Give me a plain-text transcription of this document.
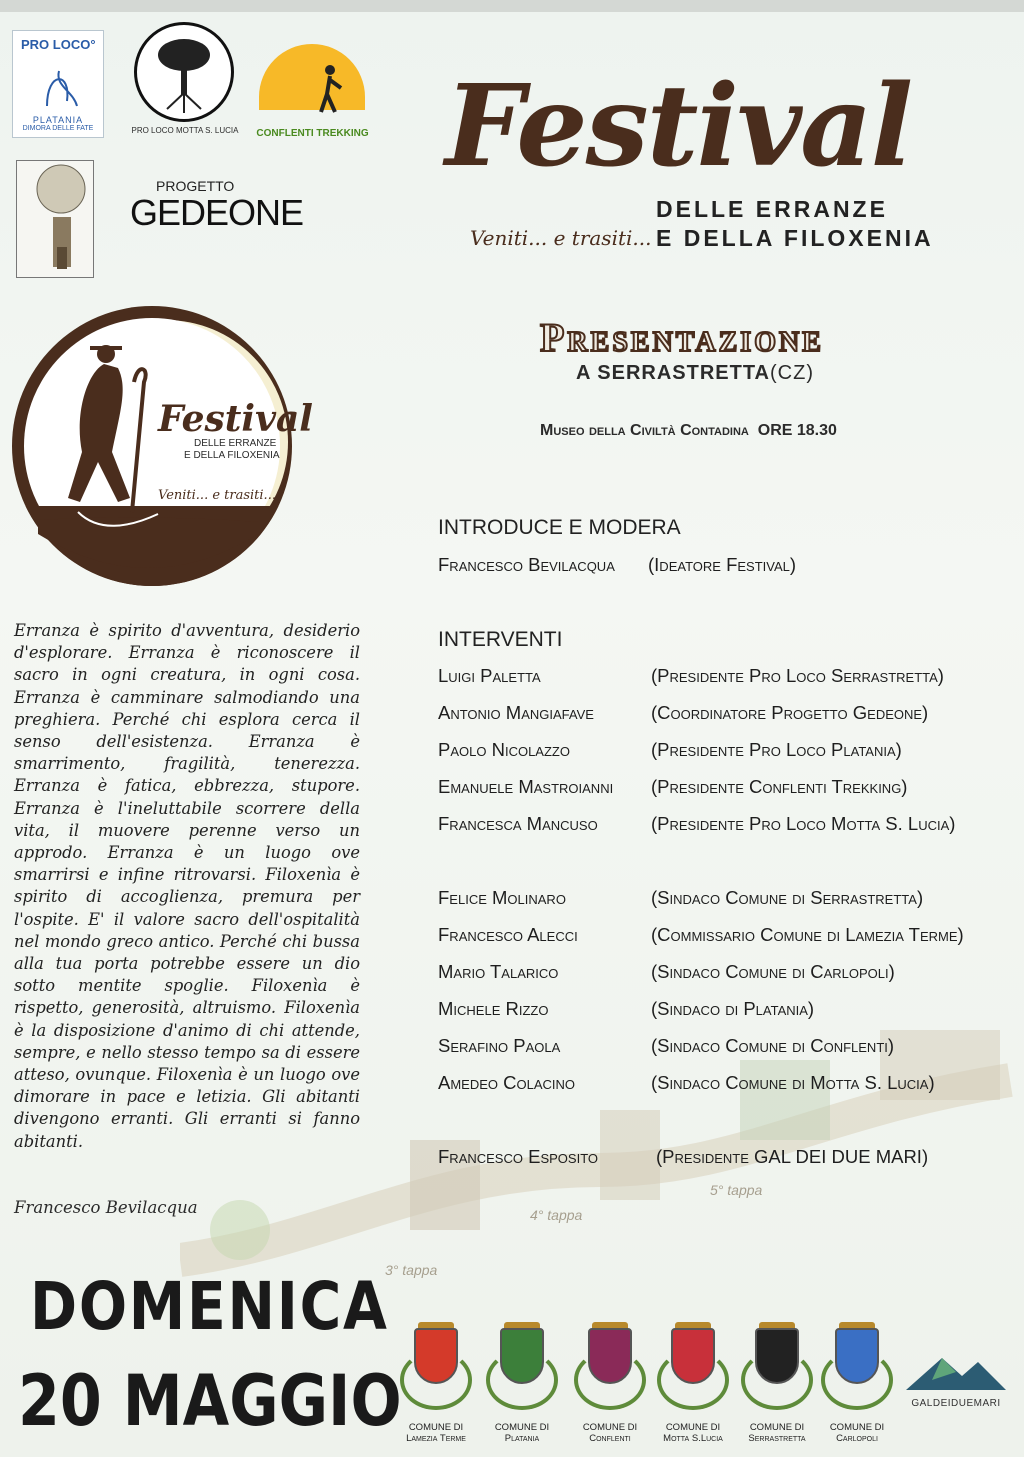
PRO LOCO°
PLATANIA
DIMORA DELLE FATE	PRO LOCO MOTTA S. LUCIA CONFLENTI TREKKING
PROGETTO
GEDEONE
Festival
Veniti... e trasiti...
DELLE ERRANZE
E DELLA FILOXENIA
Presentazione
A SERRASTRETTA(CZ)
Museo della Civiltà Contadina ORE 18.30
Festival
DELLE ERRANZE
E DELLA FILOXENIA
Veniti... e trasiti...
Erranza è spirito d'avventura, desiderio d'esplorare. Erranza è riconoscere il sacro in ogni creatura, in ogni cosa. Erranza è camminare salmodiando una preghiera. Perché chi esplora cerca il senso dell'esistenza. Erranza è smarrimento, fragilità, tenerezza. Erranza è fatica, ebbrezza, stupore. Erranza è l'ineluttabile scorrere della vita, il muovere perenne verso un approdo. Erranza è un luogo ove smarrirsi e infine ritrovarsi. Filoxenìa è spirito di accoglienza, premura per l'ospite. E' il valore sacro dell'ospitalità nel mondo greco antico. Perché chi bussa alla tua porta potrebbe essere un dio sotto mentite spoglie. Filoxenìa è rispetto, generosità, altruismo. Filoxenìa è la disposizione d'animo di chi attende, sempre, e nello stesso tempo sa di essere atteso, ovunque. Filoxenìa è un luogo ove dimorare in pace e letizia. Gli abitanti divengono erranti. Gli erranti si fanno abitanti.
Francesco Bevilacqua
3° tappa
4° tappa
5° tappa
INTRODUCE E MODERA
Francesco Bevilacqua (Ideatore Festival)
INTERVENTI
Luigi Paletta	(Presidente Pro Loco Serrastretta)
Antonio Mangiafave	(Coordinatore Progetto Gedeone)
Paolo Nicolazzo	(Presidente Pro Loco Platania)
Emanuele Mastroianni (Presidente Conflenti Trekking)
Francesca Mancuso	(Presidente Pro Loco Motta S. Lucia)
Felice Molinaro	(Sindaco Comune di Serrastretta)
Francesco Alecci	(Commissario Comune di Lamezia Terme)
Mario Talarico	(Sindaco Comune di Carlopoli)
Michele Rizzo	(Sindaco di Platania)
Serafino Paola	(Sindaco Comune di Conflenti)
Amedeo Colacino	(Sindaco Comune di Motta S. Lucia)
Francesco Esposito	(Presidente GAL DEI DUE MARI)
DOMENICA
20 MAGGIO COMUNE DI
Lamezia Terme
COMUNE DI
Platania
COMUNE DI
Conflenti
COMUNE DI
Motta S.Lucia
COMUNE DI
Serrastretta
COMUNE DI
Carlopoli
GALDEIDUEMARI
